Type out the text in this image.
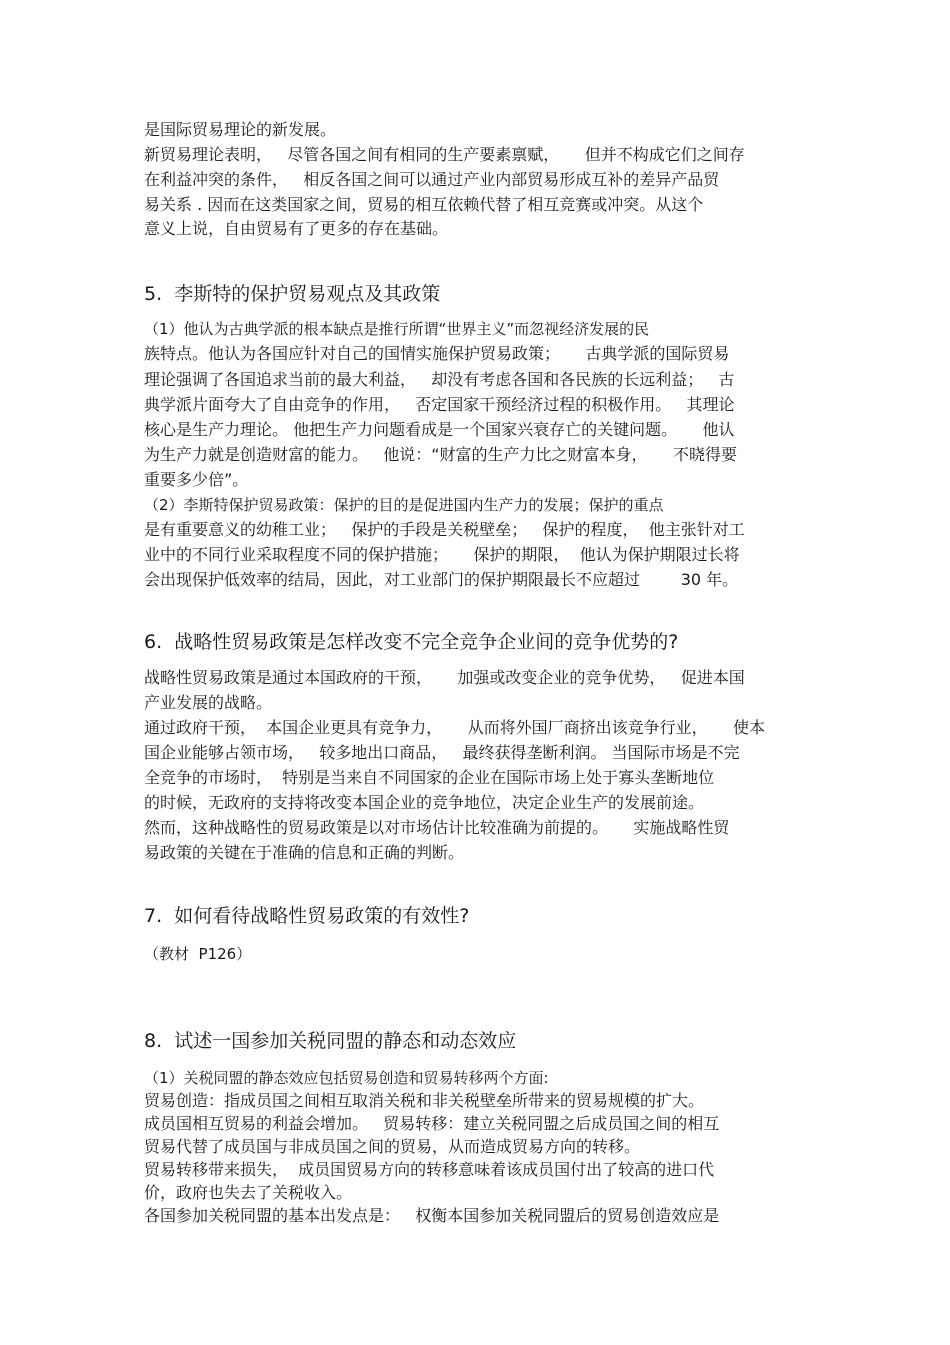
是国际贸易理论的新发展。
新贸易理论表明，   尽管各国之间有相同的生产要素禀赋，     但并不构成它们之间存
在利益冲突的条件，   相反各国之间可以通过产业内部贸易形成互补的差异产品贸
易关系 . 因而在这类国家之间，贸易的相互依赖代替了相互竞赛或冲突。从这个
意义上说，自由贸易有了更多的存在基础。
5.  李斯特的保护贸易观点及其政策
（1）他认为古典学派的根本缺点是推行所谓“世界主义”而忽视经济发展的民
族特点。他认为各国应针对自己的国情实施保护贸易政策；     古典学派的国际贸易
理论强调了各国追求当前的最大利益，   却没有考虑各国和各民族的长远利益；   古
典学派片面夸大了自由竞争的作用，   否定国家干预经济过程的积极作用。   其理论
核心是生产力理论。 他把生产力问题看成是一个国家兴衰存亡的关键问题。     他认
为生产力就是创造财富的能力。   他说：“财富的生产力比之财富本身，     不晓得要
重要多少倍”。
（2）李斯特保护贸易政策：保护的目的是促进国内生产力的发展；保护的重点
是有重要意义的幼稚工业；   保护的手段是关税壁垒；   保护的程度，  他主张针对工
业中的不同行业采取程度不同的保护措施；     保护的期限，  他认为保护期限过长将
会出现保护低效率的结局，因此，对工业部门的保护期限最长不应超过        30 年。
6.  战略性贸易政策是怎样改变不完全竞争企业间的竞争优势的?
战略性贸易政策是通过本国政府的干预，     加强或改变企业的竞争优势，   促进本国
产业发展的战略。
通过政府干预，  本国企业更具有竞争力，     从而将外国厂商挤出该竞争行业，     使本
国企业能够占领市场，   较多地出口商品，   最终获得垄断利润。 当国际市场是不完
全竞争的市场时，  特别是当来自不同国家的企业在国际市场上处于寡头垄断地位
的时候，无政府的支持将改变本国企业的竞争地位，决定企业生产的发展前途。
然而，这种战略性的贸易政策是以对市场估计比较准确为前提的。     实施战略性贸
易政策的关键在于准确的信息和正确的判断。
7.  如何看待战略性贸易政策的有效性?
（教材  P126）
8.  试述一国参加关税同盟的静态和动态效应
（1）关税同盟的静态效应包括贸易创造和贸易转移两个方面:
贸易创造：指成员国之间相互取消关税和非关税壁垒所带来的贸易规模的扩大。
成员国相互贸易的利益会增加。   贸易转移：建立关税同盟之后成员国之间的相互
贸易代替了成员国与非成员国之间的贸易，从而造成贸易方向的转移。
贸易转移带来损失，  成员国贸易方向的转移意味着该成员国付出了较高的进口代
价，政府也失去了关税收入。
各国参加关税同盟的基本出发点是：   权衡本国参加关税同盟后的贸易创造效应是
